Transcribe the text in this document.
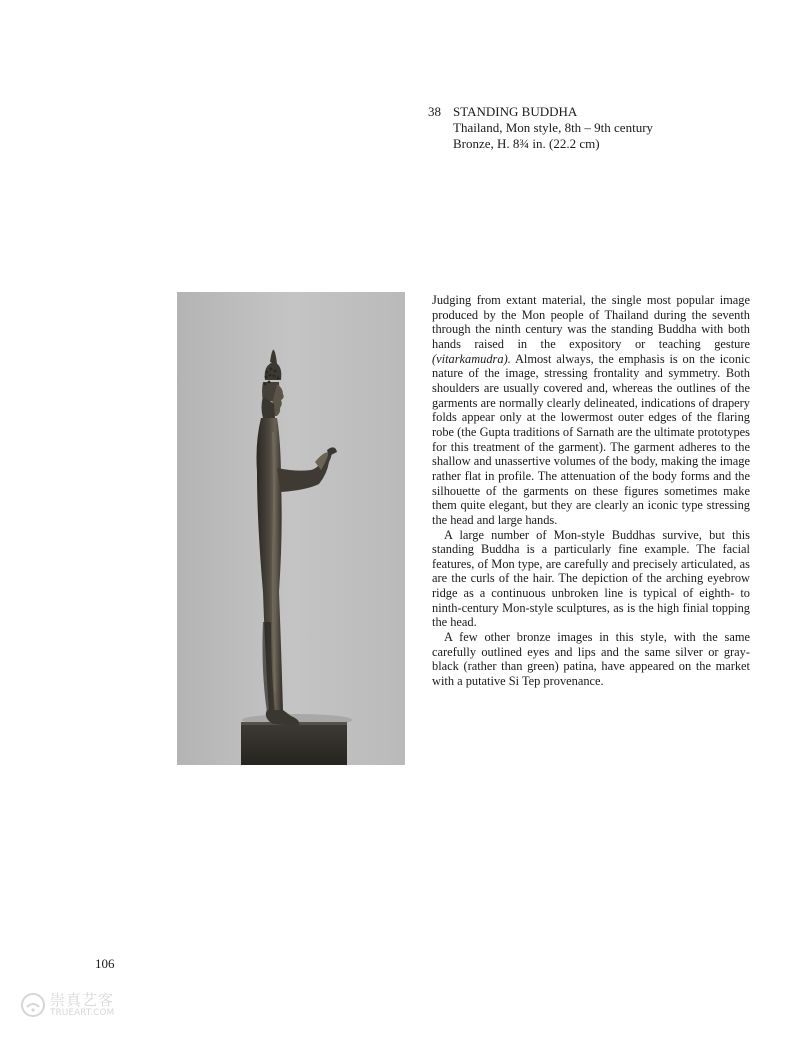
38 STANDING BUDDHA
Thailand, Mon style, 8th – 9th century
Bronze, H. 8¾ in. (22.2 cm)

Judging from extant material, the single most popular image produced by the Mon people of Thailand during the seventh through the ninth century was the standing Buddha with both hands raised in the expository or teaching gesture (vitarkamudra). Almost always, the emphasis is on the iconic nature of the image, stressing frontality and symmetry. Both shoulders are usually covered and, whereas the outlines of the garments are normally clearly delineated, indications of drapery folds appear only at the lowermost outer edges of the flaring robe (the Gupta traditions of Sarnath are the ultimate prototypes for this treatment of the garment). The garment adheres to the shallow and unassertive volumes of the body, making the image rather flat in profile. The attenuation of the body forms and the silhouette of the garments on these figures sometimes make them quite elegant, but they are clearly an iconic type stressing the head and large hands.

A large number of Mon-style Buddhas survive, but this standing Buddha is a particularly fine example. The facial features, of Mon type, are carefully and precisely articulated, as are the curls of the hair. The depiction of the arching eyebrow ridge as a continuous unbroken line is typical of eighth- to ninth-century Mon-style sculptures, as is the high finial topping the head.

A few other bronze images in this style, with the same carefully outlined eyes and lips and the same silver or gray-black (rather than green) patina, have appeared on the market with a putative Si Tep provenance.

106
崇真艺客
TRUEART.COM
